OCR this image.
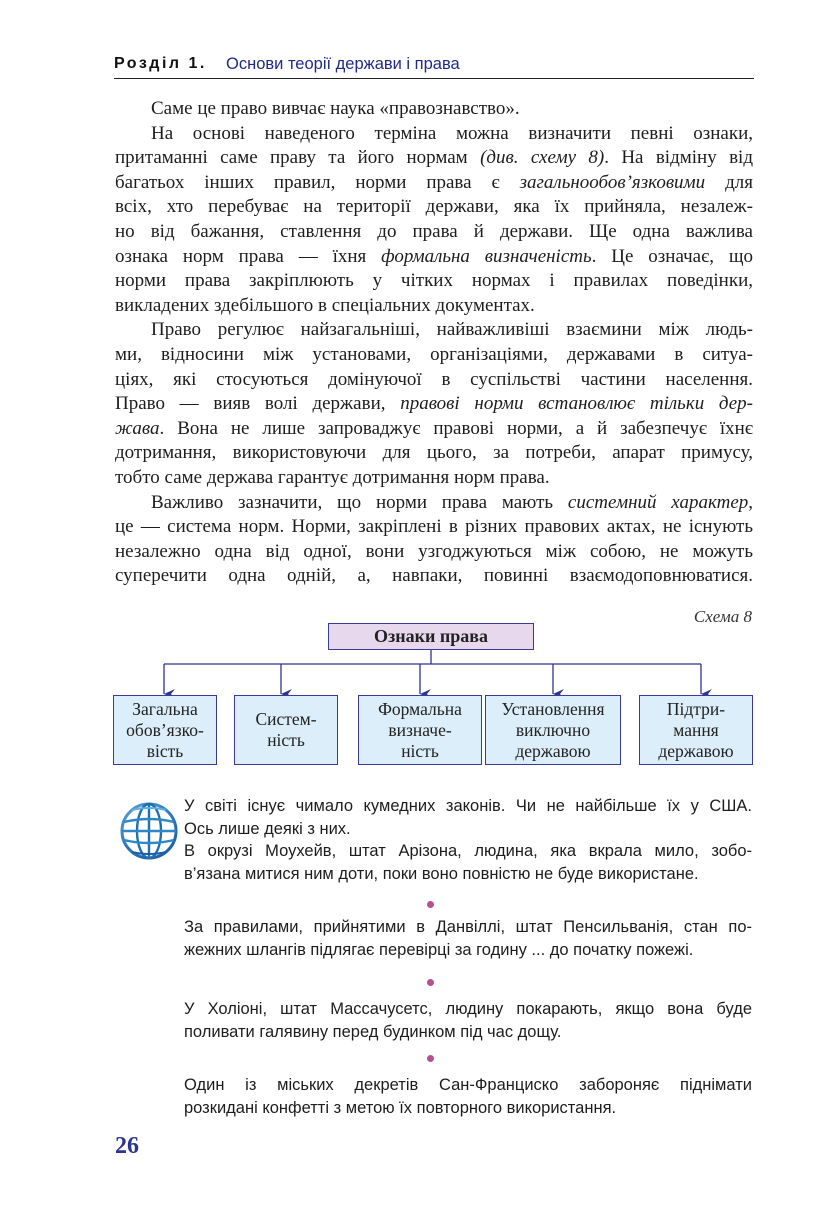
Розділ 1. Основи теорії держави і права
Саме це право вивчає наука «правознавство».
На основі наведеного терміна можна визначити певні ознаки,
притаманні саме праву та його нормам (див. схему 8). На відміну від
багатьох інших правил, норми права є загальнообов’язковими для
всіх, хто перебуває на території держави, яка їх прийняла, незалеж-
но від бажання, ставлення до права й держави. Ще одна важлива
ознака норм права — їхня формальна визначеність. Це означає, що
норми права закріплюють у чітких нормах і правилах поведінки,
викладених здебільшого в спеціальних документах.
Право регулює найзагальніші, найважливіші взаємини між людь-
ми, відносини між установами, організаціями, державами в ситуа-
ціях, які стосуються домінуючої в суспільстві частини населення.
Право — вияв волі держави, правові норми встановлює тільки дер-
жава. Вона не лише запроваджує правові норми, а й забезпечує їхнє
дотримання, використовуючи для цього, за потреби, апарат примусу,
тобто саме держава гарантує дотримання норм права.
Важливо зазначити, що норми права мають системний характер,
це — система норм. Норми, закріплені в різних правових актах, не існують
незалежно одна від одної, вони узгоджуються між собою, не можуть
суперечити одна одній, а, навпаки, повинні взаємодоповнюватися.
Схема 8
Ознаки права
Загальна
обов’язко-
вість
Систем-
ність
Формальна
визначе-
ність
Установлення
виключно
державою
Підтри-
мання
державою
У світі існує чимало кумедних законів. Чи не найбільше їх у США.
Ось лише деякі з них.
В окрузі Моухейв, штат Арізона, людина, яка вкрала мило, зобо-
в’язана митися ним доти, поки воно повністю не буде використане.
За правилами, прийнятими в Данвіллі, штат Пенсильванія, стан по-
жежних шлангів підлягає перевірці за годину ... до початку пожежі.
У Холіоні, штат Массачусетс, людину покарають, якщо вона буде
поливати галявину перед будинком під час дощу.
Один із міських декретів Сан-Франциско забороняє піднімати
розкидані конфетті з метою їх повторного використання.
26
